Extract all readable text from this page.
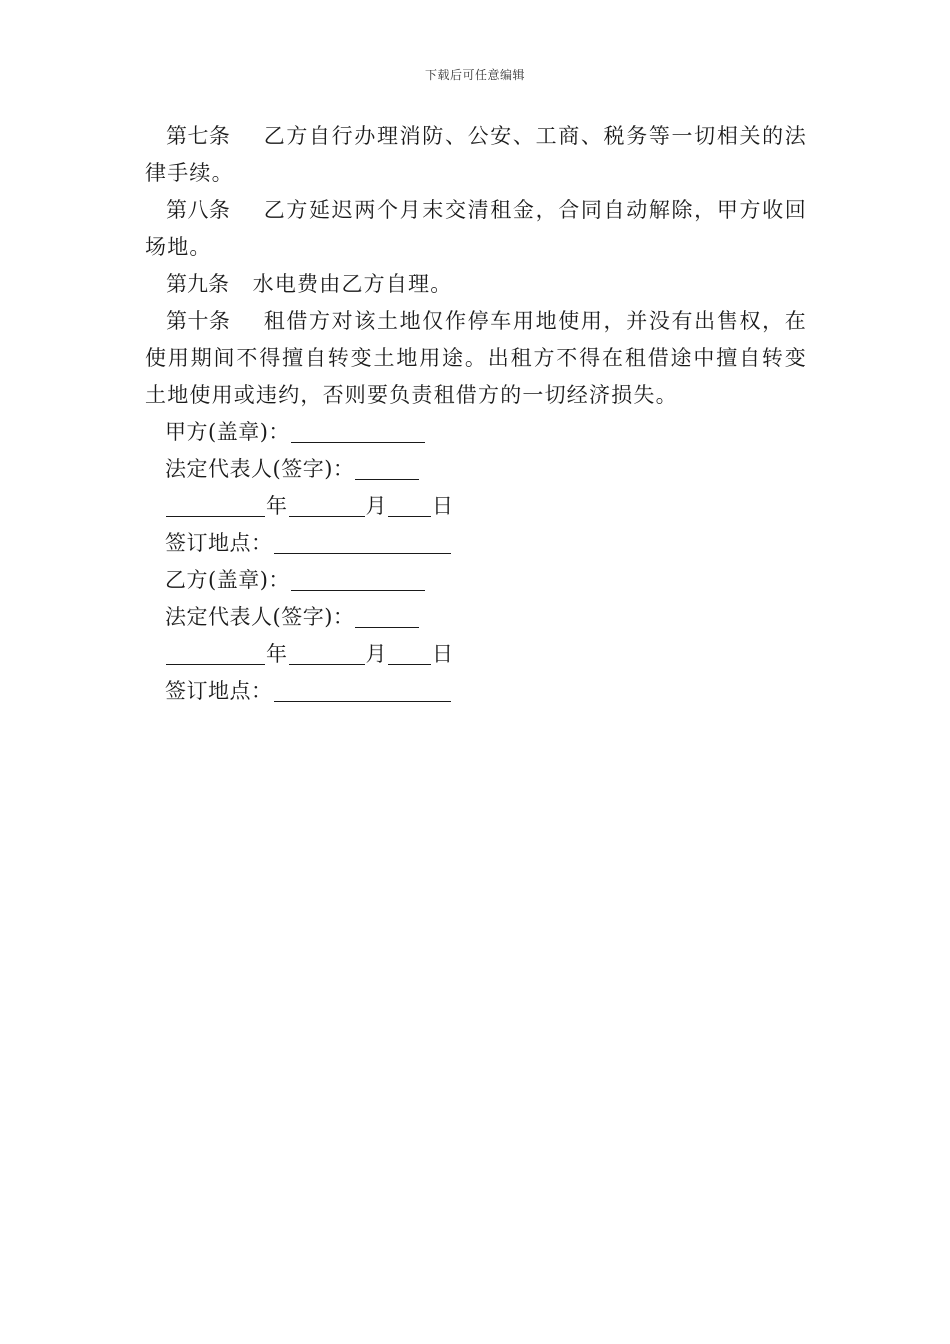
下载后可任意编辑

第七条 乙方自行办理消防、公安、工商、税务等一切相关的法律手续。

第八条 乙方延迟两个月末交清租金，合同自动解除，甲方收回场地。

第九条 水电费由乙方自理。

第十条 租借方对该土地仅作停车用地使用，并没有出售权，在使用期间不得擅自转变土地用途。出租方不得在租借途中擅自转变土地使用或违约，否则要负责租借方的一切经济损失。

甲方(盖章)：

法定代表人(签字)：

年	月 日

签订地点：

乙方(盖章)：

法定代表人(签字)：

年	月 日

签订地点：
